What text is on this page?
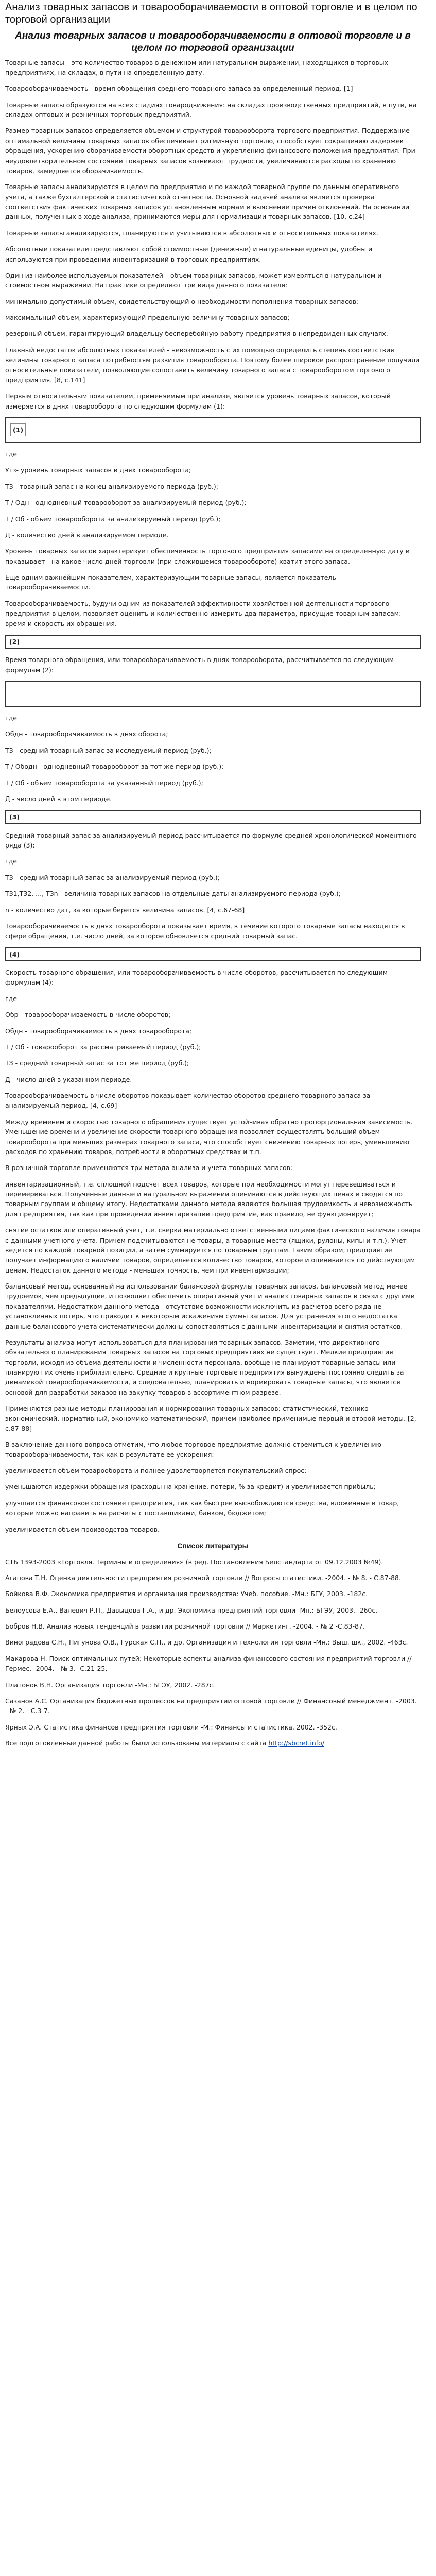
Анализ товарных запасов и товарооборачиваемости в оптовой торговле и в целом по торговой организации
Анализ товарных запасов и товарооборачиваемости в оптовой торговле и в целом по торговой организации

Товарные запасы – это количество товаров в денежном или натуральном выражении, находящихся в торговых предприятиях, на складах, в пути на определенную дату.

Товарооборачиваемость - время обращения среднего товарного запаса за определенный период. [1]

Товарные запасы образуются на всех стадиях товародвижения: на складах производственных предприятий, в пути, на складах оптовых и розничных торговых предприятий.

Размер товарных запасов определяется объемом и структурой товарооборота торгового предприятия. Поддержание оптимальной величины товарных запасов обеспечивает ритмичную торговлю, способствует сокращению издержек обращения, ускорению оборачиваемости оборотных средств и укреплению финансового положения предприятия. При неудовлетворительном состоянии товарных запасов возникают трудности, увеличиваются расходы по хранению товаров, замедляется оборачиваемость.

Товарные запасы анализируются в целом по предприятию и по каждой товарной группе по данным оперативного учета, а также бухгалтерской и статистической отчетности. Основной задачей анализа является проверка соответствия фактических товарных запасов установленным нормам и выяснение причин отклонений. На основании данных, полученных в ходе анализа, принимаются меры для нормализации товарных запасов. [10, с.24]

Товарные запасы анализируются, планируются и учитываются в абсолютных и относительных показателях.

Абсолютные показатели представляют собой стоимостные (денежные) и натуральные единицы, удобны и используются при проведении инвентаризаций в торговых предприятиях.

Один из наиболее используемых показателей – объем товарных запасов, может измеряться в натуральном и стоимостном выражении. На практике определяют три вида данного показателя:

минимально допустимый объем, свидетельствующий о необходимости пополнения товарных запасов;

максимальный объем, характеризующий предельную величину товарных запасов;

резервный объем, гарантирующий владельцу бесперебойную работу предприятия в непредвиденных случаях.

Главный недостаток абсолютных показателей - невозможность с их помощью определить степень соответствия величины товарного запаса потребностям развития товарооборота. Поэтому более широкое распространение получили относительные показатели, позволяющие сопоставить величину товарного запаса с товарооборотом торгового предприятия. [8, с.141]

Первым относительным показателем, применяемым при анализе, является уровень товарных запасов, который измеряется в днях товарооборота по следующим формулам (1):

(1)

где

Утз- уровень товарных запасов в днях товарооборота;

ТЗ - товарный запас на конец анализируемого периода (руб.);

Т / Одн - однодневный товарооборот за анализируемый период (руб.);

Т / Об - объем товарооборота за анализируемый период (руб.);

Д - количество дней в анализируемом периоде.

Уровень товарных запасов характеризует обеспеченность торгового предприятия запасами на определенную дату и показывает - на какое число дней торговли (при сложившемся товарообороте) хватит этого запаса.

Еще одним важнейшим показателем, характеризующим товарные запасы, является показатель товарооборачиваемости.

Товарооборачиваемость, будучи одним из показателей эффективности хозяйственной деятельности торгового предприятия в целом, позволяет оценить и количественно измерить два параметра, присущие товарным запасам: время и скорость их обращения.

(2)

Время товарного обращения, или товарооборачиваемость в днях товарооборота, рассчитывается по следующим формулам (2):

где

Обдн - товарооборачиваемость в днях оборота;

ТЗ - средний товарный запас за исследуемый период (руб.);

Т / Ободн - однодневный товарооборот за тот же период (руб.);

Т / Об - объем товарооборота за указанный период (руб.);

Д - число дней в этом периоде.

(3)

Средний товарный запас за анализируемый период рассчитывается по формуле средней хронологической моментного ряда (3):

где

ТЗ - средний товарный запас за анализируемый период (руб.);

ТЗ1,ТЗ2, ..., ТЗn - величина товарных запасов на отдельные даты анализируемого периода (руб.);

n - количество дат, за которые берется величина запасов. [4, с.67-68]

Товарооборачиваемость в днях товарооборота показывает время, в течение которого товарные запасы находятся в сфере обращения, т.е. число дней, за которое обновляется средний товарный запас.

(4)

Скорость товарного обращения, или товарооборачиваемость в числе оборотов, рассчитывается по следующим формулам (4):

где

Обр - товарооборачиваемость в числе оборотов;

Обдн - товарооборачиваемость в днях товарооборота;

Т / Об - товарооборот за рассматриваемый период (руб.);

ТЗ - средний товарный запас за тот же период (руб.);

Д - число дней в указанном периоде.

Товарооборачиваемость в числе оборотов показывает количество оборотов среднего товарного запаса за анализируемый период. [4, с.69]

Между временем и скоростью товарного обращения существует устойчивая обратно пропорциональная зависимость. Уменьшение времени и увеличение скорости товарного обращения позволяет осуществлять больший объем товарооборота при меньших размерах товарного запаса, что способствует снижению товарных потерь, уменьшению расходов по хранению товаров, потребности в оборотных средствах и т.п.

В розничной торговле применяются три метода анализа и учета товарных запасов:

инвентаризационный, т.е. сплошной подсчет всех товаров, которые при необходимости могут перевешиваться и перемериваться. Полученные данные и натуральном выражении оцениваются в действующих ценах и сводятся по товарным группам и общему итогу. Недостатками данного метода являются большая трудоемкость и невозможность для предприятия, так как при проведении инвентаризации предприятие, как правило, не функционирует;

снятие остатков или оперативный учет, т.е. сверка материально ответственными лицами фактического наличия товара с данными учетного учета. Причем подсчитываются не товары, а товарные места (ящики, рулоны, кипы и т.п.). Учет ведется по каждой товарной позиции, а затем суммируется по товарным группам. Таким образом, предприятие получает информацию о наличии товаров, определяется количество товаров, которое и оценивается по действующим ценам. Недостаток данного метода - меньшая точность, чем при инвентаризации;

балансовый метод, основанный на использовании балансовой формулы товарных запасов. Балансовый метод менее трудоемок, чем предыдущие, и позволяет обеспечить оперативный учет и анализ товарных запасов в связи с другими показателями. Недостатком данного метода - отсутствие возможности исключить из расчетов всего ряда не установленных потерь, что приводит к некоторым искажениям суммы запасов. Для устранения этого недостатка данные балансового учета систематически должны сопоставляться с данными инвентаризации и снятия остатков.

Результаты анализа могут использоваться для планирования товарных запасов. Заметим, что директивного обязательного планирования товарных запасов на торговых предприятиях не существует. Мелкие предприятия торговли, исходя из объема деятельности и численности персонала, вообще не планируют товарные запасы или планируют их очень приблизительно. Средние и крупные торговые предприятия вынуждены постоянно следить за динамикой товарооборачиваемости, и следовательно, планировать и нормировать товарные запасы, что является основой для разработки заказов на закупку товаров в ассортиментном разрезе.

Применяются разные методы планирования и нормирования товарных запасов: статистический, технико-экономический, нормативный, экономико-математический, причем наиболее применимые первый и второй методы. [2, с.87-88]

В заключение данного вопроса отметим, что любое торговое предприятие должно стремиться к увеличению товарооборачиваемости, так как в результате ее ускорения:

увеличивается объем товарооборота и полнее удовлетворяется покупательский спрос;

уменьшаются издержки обращения (расходы на хранение, потери, % за кредит) и увеличивается прибыль;

улучшается финансовое состояние предприятия, так как быстрее высвобождаются средства, вложенные в товар, которые можно направить на расчеты с поставщиками, банком, бюджетом;

увеличивается объем производства товаров.

Список литературы
СТБ 1393-2003 «Торговля. Термины и определения» (в ред. Постановления Белстандарта от 09.12.2003 №49).
Агапова Т.Н. Оценка деятельности предприятия розничной торговли // Вопросы статистики. -2004. - № 8. - С.87-88.
Бойкова В.Ф. Экономика предприятия и организация производства: Учеб. пособие. -Мн.: БГУ, 2003. -182с.
Белоусова Е.А., Валевич Р.П., Давыдова Г.А., и др. Экономика предприятий торговли -Мн.: БГЭУ, 2003. -260с.
Бобров Н.В. Анализ новых тенденций в развитии розничной торговли // Маркетинг. -2004. - № 2 -С.83-87.
Виноградова С.Н., Пигунова О.В., Гурская С.П., и др. Организация и технология торговли -Мн.: Выш. шк., 2002. -463с.
Макарова Н. Поиск оптимальных путей: Некоторые аспекты анализа финансового состояния предприятий торговли // Гермес. -2004. - № 3. -С.21-25.
Платонов В.Н. Организация торговли -Мн.: БГЭУ, 2002. -287с.
Сазанов А.С. Организация бюджетных процессов на предприятии оптовой торговли // Финансовый менеджмент. -2003. - № 2. - С.3-7.
Ярных Э.А. Статистика финансов предприятия торговли -М.: Финансы и статистика, 2002. -352с.
Все подготовленные данной работы были использованы материалы с сайта http://sbcret.info/
